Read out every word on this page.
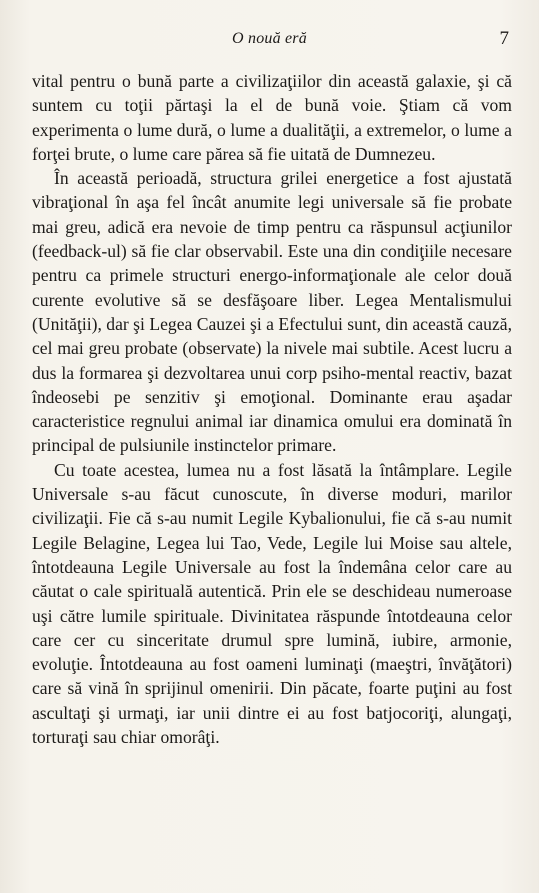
O nouă eră	7

vital pentru o bună parte a civilizaţiilor din această galaxie, şi că suntem cu toţii părtaşi la el de bună voie. Ştiam că vom experimenta o lume dură, o lume a dualităţii, a extremelor, o lume a forţei brute, o lume care părea să fie uitată de Dumnezeu.

În această perioadă, structura grilei energetice a fost ajustată vibraţional în aşa fel încât anumite legi universale să fie probate mai greu, adică era nevoie de timp pentru ca răspunsul acţiunilor (feedback-ul) să fie clar observabil. Este una din condiţiile necesare pentru ca primele structuri energo-informaţionale ale celor două curente evolutive să se desfăşoare liber. Legea Mentalismului (Unităţii), dar şi Legea Cauzei şi a Efectului sunt, din această cauză, cel mai greu probate (observate) la nivele mai subtile. Acest lucru a dus la formarea şi dezvoltarea unui corp psiho-mental reactiv, bazat îndeosebi pe senzitiv şi emoţional. Dominante erau aşadar caracteristice regnului animal iar dinamica omului era dominată în principal de pulsiunile instinctelor primare.

Cu toate acestea, lumea nu a fost lăsată la întâmplare. Legile Universale s-au făcut cunoscute, în diverse moduri, marilor civilizaţii. Fie că s-au numit Legile Kybalionului, fie că s-au numit Legile Belagine, Legea lui Tao, Vede, Legile lui Moise sau altele, întotdeauna Legile Universale au fost la îndemâna celor care au căutat o cale spirituală autentică. Prin ele se deschideau numeroase uşi către lumile spirituale. Divinitatea răspunde întotdeauna celor care cer cu sinceritate drumul spre lumină, iubire, armonie, evoluţie. Întotdeauna au fost oameni luminaţi (maeştri, învăţători) care să vină în sprijinul omenirii. Din păcate, foarte puţini au fost ascultaţi şi urmaţi, iar unii dintre ei au fost batjocoriţi, alungaţi, torturaţi sau chiar omorâţi.
